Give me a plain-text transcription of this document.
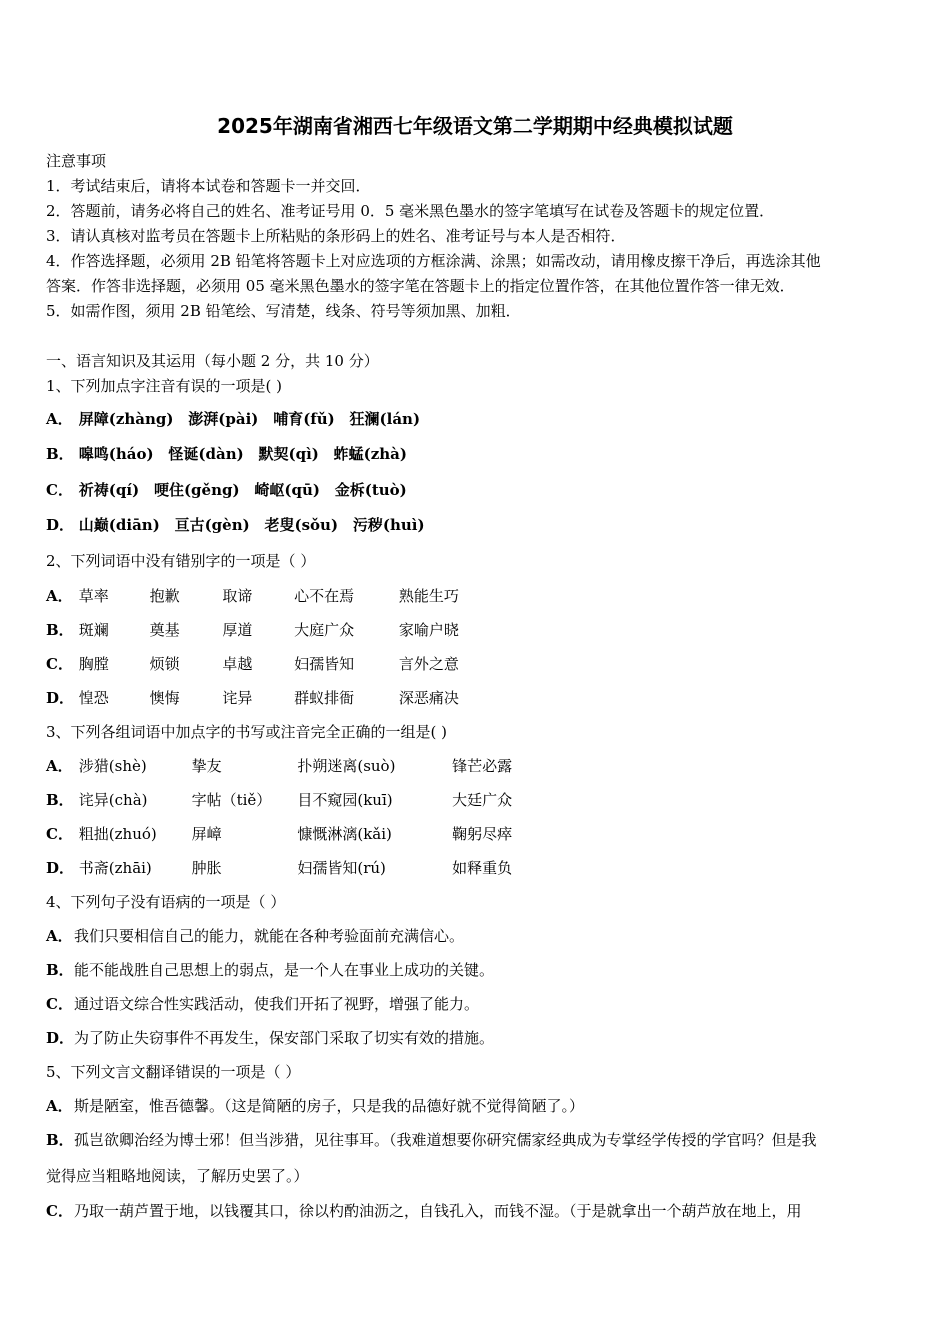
2025年湖南省湘西七年级语文第二学期期中经典模拟试题
注意事项
1．考试结束后，请将本试卷和答题卡一并交回．
2．答题前，请务必将自己的姓名、准考证号用 0．5 毫米黑色墨水的签字笔填写在试卷及答题卡的规定位置．
3．请认真核对监考员在答题卡上所粘贴的条形码上的姓名、准考证号与本人是否相符．
4．作答选择题，必须用 2B 铅笔将答题卡上对应选项的方框涂满、涂黑；如需改动，请用橡皮擦干净后，再选涂其他
答案．作答非选择题，必须用 05 毫米黑色墨水的签字笔在答题卡上的指定位置作答，在其他位置作答一律无效．
5．如需作图，须用 2B 铅笔绘、写清楚，线条、符号等须加黑、加粗．
一、语言知识及其运用（每小题 2 分，共 10 分）
1、下列加点字注音有误的一项是( )
A． 屏障(zhàng) 澎湃(pài) 哺育(fǔ) 狂澜(lán)
B． 嗥鸣(háo) 怪诞(dàn) 默契(qì) 蚱蜢(zhà)
C． 祈祷(qí) 哽住(gěng) 崎岖(qū) 金柝(tuò)
D． 山巅(diān) 亘古(gèn) 老叟(sǒu) 污秽(huì)
2、下列词语中没有错别字的一项是（ ）
A． 草率	抱歉	取谛	心不在焉	熟能生巧
B． 斑斓	奠基	厚道	大庭广众	家喻户晓
C． 胸膛	烦锁	卓越	妇孺皆知	言外之意
D． 惶恐	懊悔	诧异	群蚁排衙	深恶痛决
3、下列各组词语中加点字的书写或注音完全正确的一组是( )
A． 涉猎(shè)	挚友	扑朔迷离(suò)	锋芒必露
B． 诧异(chà)	字帖（tiě） 目不窥园(kuī)	大廷广众
C． 粗拙(zhuó) 屏嶂	慷慨淋漓(kǎi)	鞠躬尽瘁
D． 书斋(zhāi)	肿胀	妇孺皆知(rú)	如释重负
4、下列句子没有语病的一项是（ ）
A．我们只要相信自己的能力，就能在各种考验面前充满信心。
B．能不能战胜自己思想上的弱点，是一个人在事业上成功的关键。
C．通过语文综合性实践活动，使我们开拓了视野，增强了能力。
D．为了防止失窃事件不再发生，保安部门采取了切实有效的措施。
5、下列文言文翻译错误的一项是（ ）
A．斯是陋室，惟吾德馨。（这是简陋的房子，只是我的品德好就不觉得简陋了。）
B．孤岂欲卿治经为博士邪！但当涉猎，见往事耳。（我难道想要你研究儒家经典成为专掌经学传授的学官吗？但是我
觉得应当粗略地阅读，了解历史罢了。）
C．乃取一葫芦置于地，以钱覆其口，徐以杓酌油沥之，自钱孔入，而钱不湿。（于是就拿出一个葫芦放在地上，用
